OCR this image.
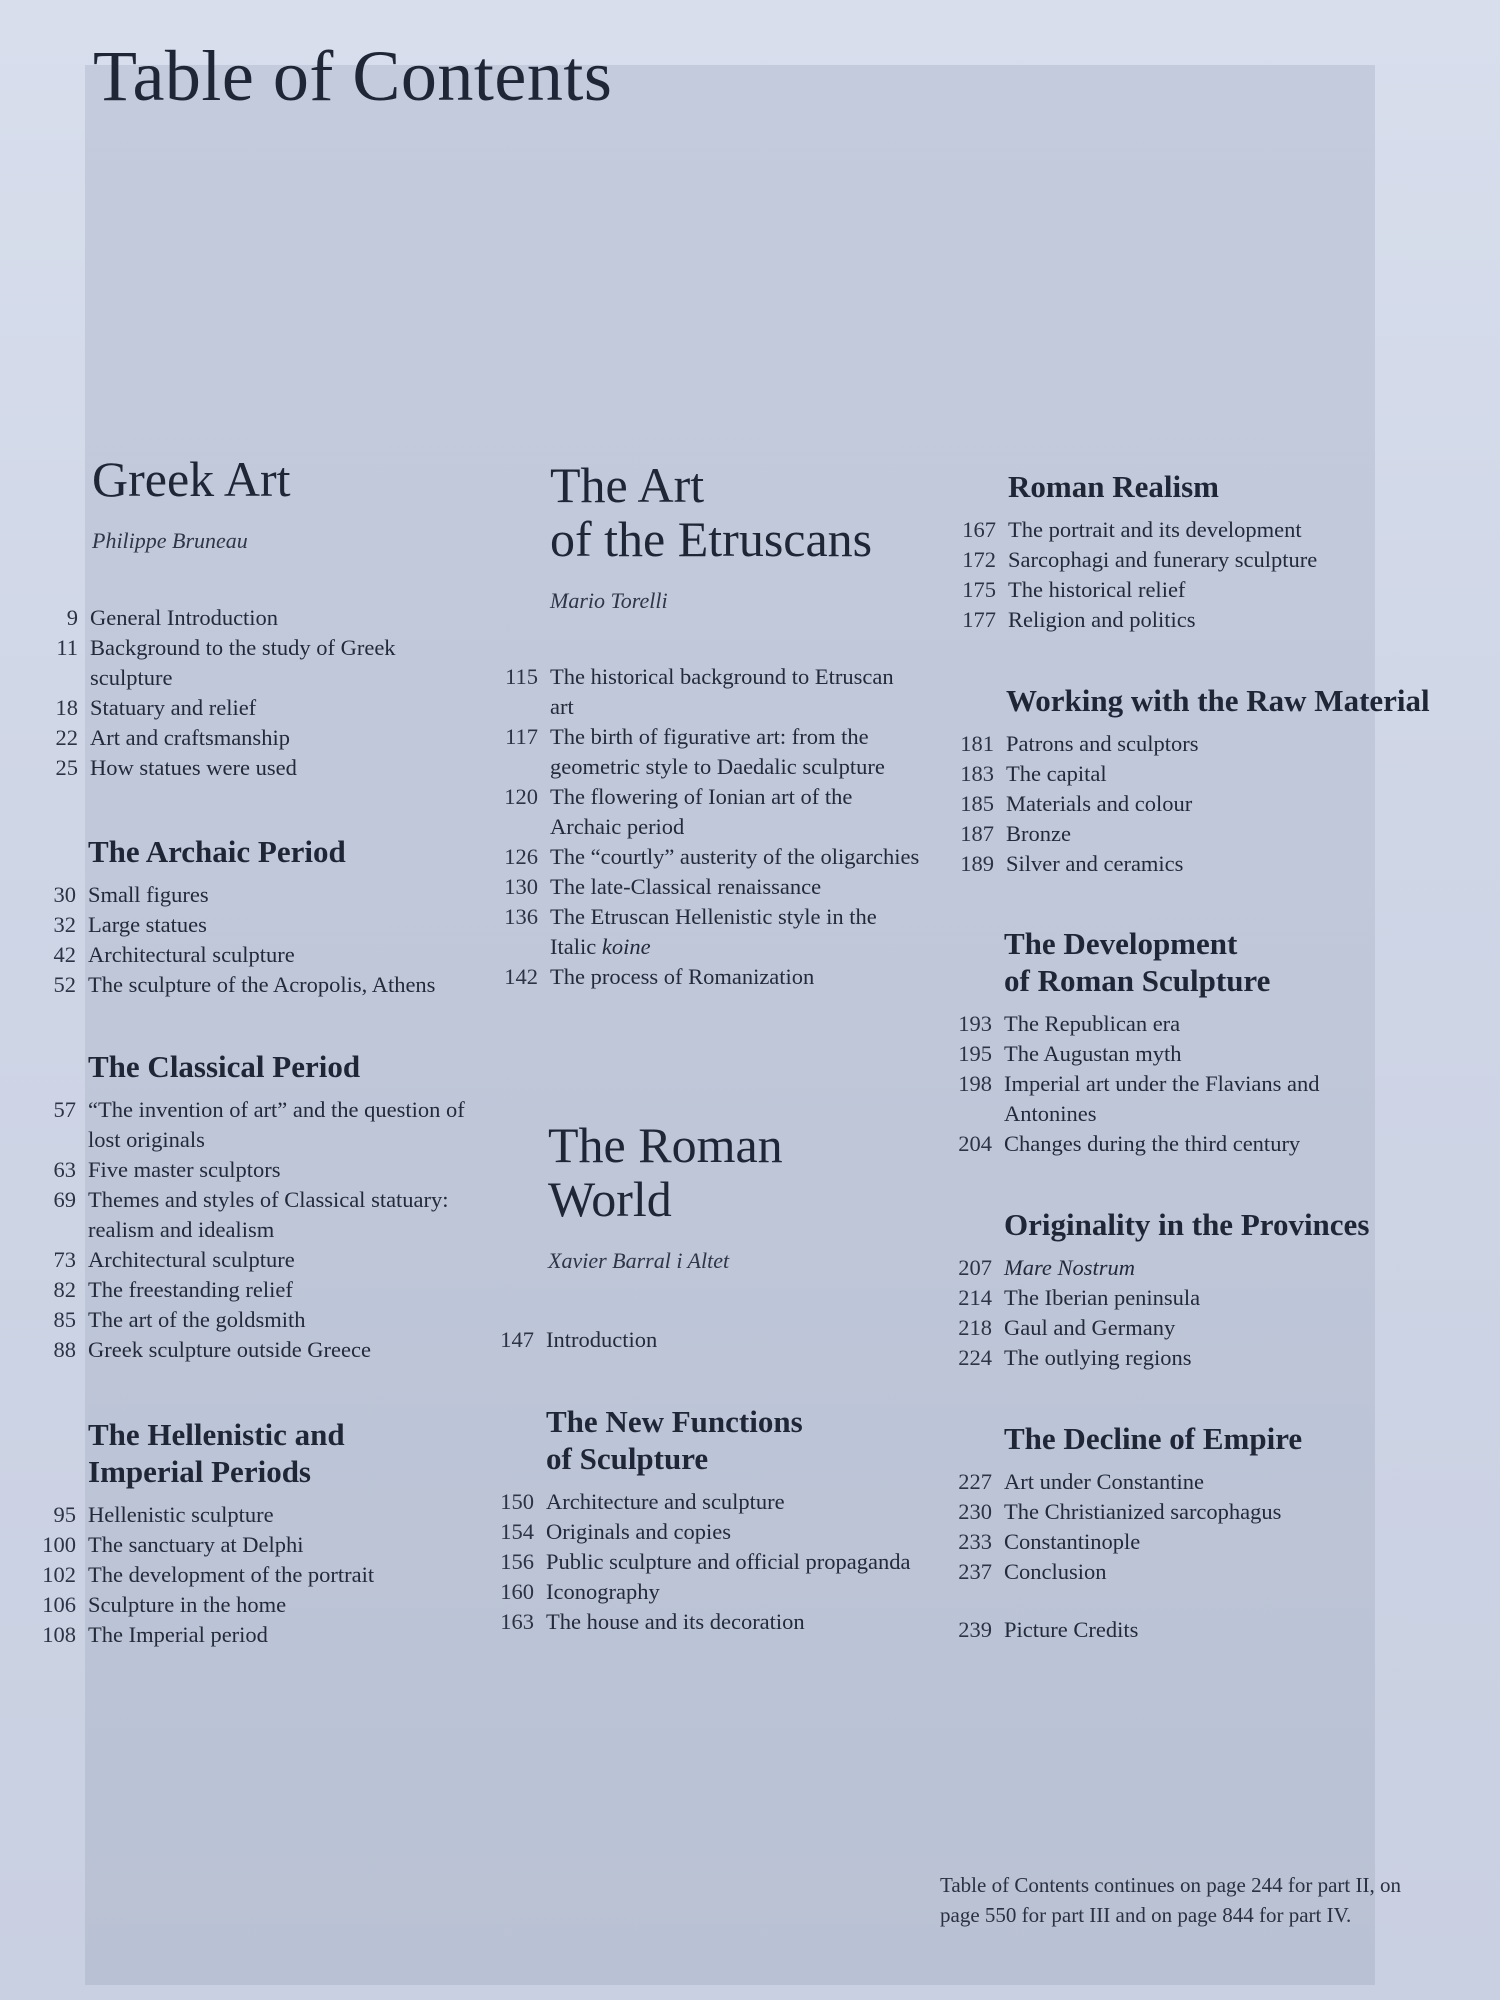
Table of Contents
Greek Art
Philippe Bruneau
9 General Introduction
11 Background to the study of Greek sculpture
18 Statuary and relief
22 Art and craftsmanship
25 How statues were used
The Archaic Period
30 Small figures
32 Large statues
42 Architectural sculpture
52 The sculpture of the Acropolis, Athens
The Classical Period
57 “The invention of art” and the question of lost originals
63 Five master sculptors
69 Themes and styles of Classical statuary: realism and idealism
73 Architectural sculpture
82 The freestanding relief
85 The art of the goldsmith
88 Greek sculpture outside Greece
The Hellenistic and Imperial Periods
95 Hellenistic sculpture
100 The sanctuary at Delphi
102 The development of the portrait
106 Sculpture in the home
108 The Imperial period
The Art
of the Etruscans
Mario Torelli
115 The historical background to Etruscan art
117 The birth of figurative art: from the geometric style to Daedalic sculpture
120 The flowering of Ionian art of the Archaic period
126 The “courtly” austerity of the oligarchies
130 The late-Classical renaissance
136 The Etruscan Hellenistic style in the Italic koine
142 The process of Romanization
The Roman
World
Xavier Barral i Altet
147 Introduction
The New Functions
of Sculpture
150 Architecture and sculpture
154 Originals and copies
156 Public sculpture and official propaganda
160 Iconography
163 The house and its decoration
Roman Realism
167 The portrait and its development
172 Sarcophagi and funerary sculpture
175 The historical relief
177 Religion and politics
Working with the Raw Material
181 Patrons and sculptors
183 The capital
185 Materials and colour
187 Bronze
189 Silver and ceramics
The Development
of Roman Sculpture
193 The Republican era
195 The Augustan myth
198 Imperial art under the Flavians and Antonines
204 Changes during the third century
Originality in the Provinces
207 Mare Nostrum
214 The Iberian peninsula
218 Gaul and Germany
224 The outlying regions
The Decline of Empire
227 Art under Constantine
230 The Christianized sarcophagus
233 Constantinople
237 Conclusion
239 Picture Credits
Table of Contents continues on page 244 for part II, on page 550 for part III and on page 844 for part IV.
